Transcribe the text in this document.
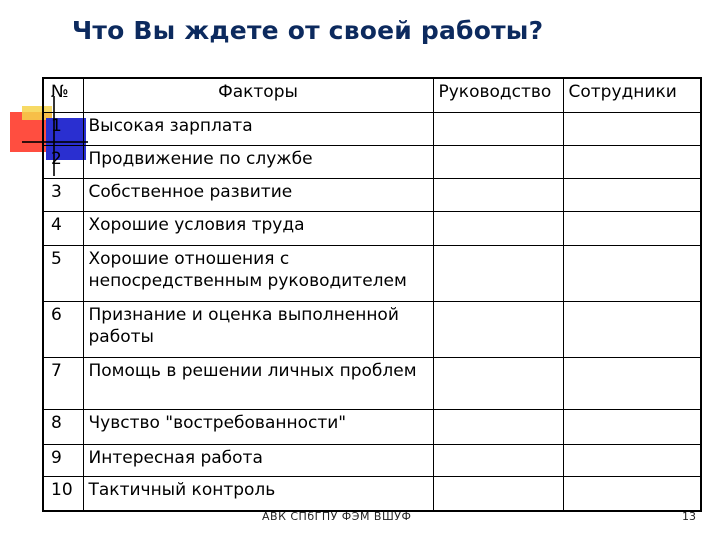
Что Вы ждете от своей работы?
№	Факторы	Руководство	Сотрудники
1	Высокая зарплата		
2	Продвижение по службе		
3	Собственное развитие		
4	Хорошие условия труда		
5	Хорошие отношения с непосредственным руководителем		
6	Признание и оценка выполненной работы		
7	Помощь в решении личных проблем		
8	Чувство "востребованности"		
9	Интересная работа		
10	Тактичный контроль		
АВК СПбГПУ ФЭМ ВШУФ	13
